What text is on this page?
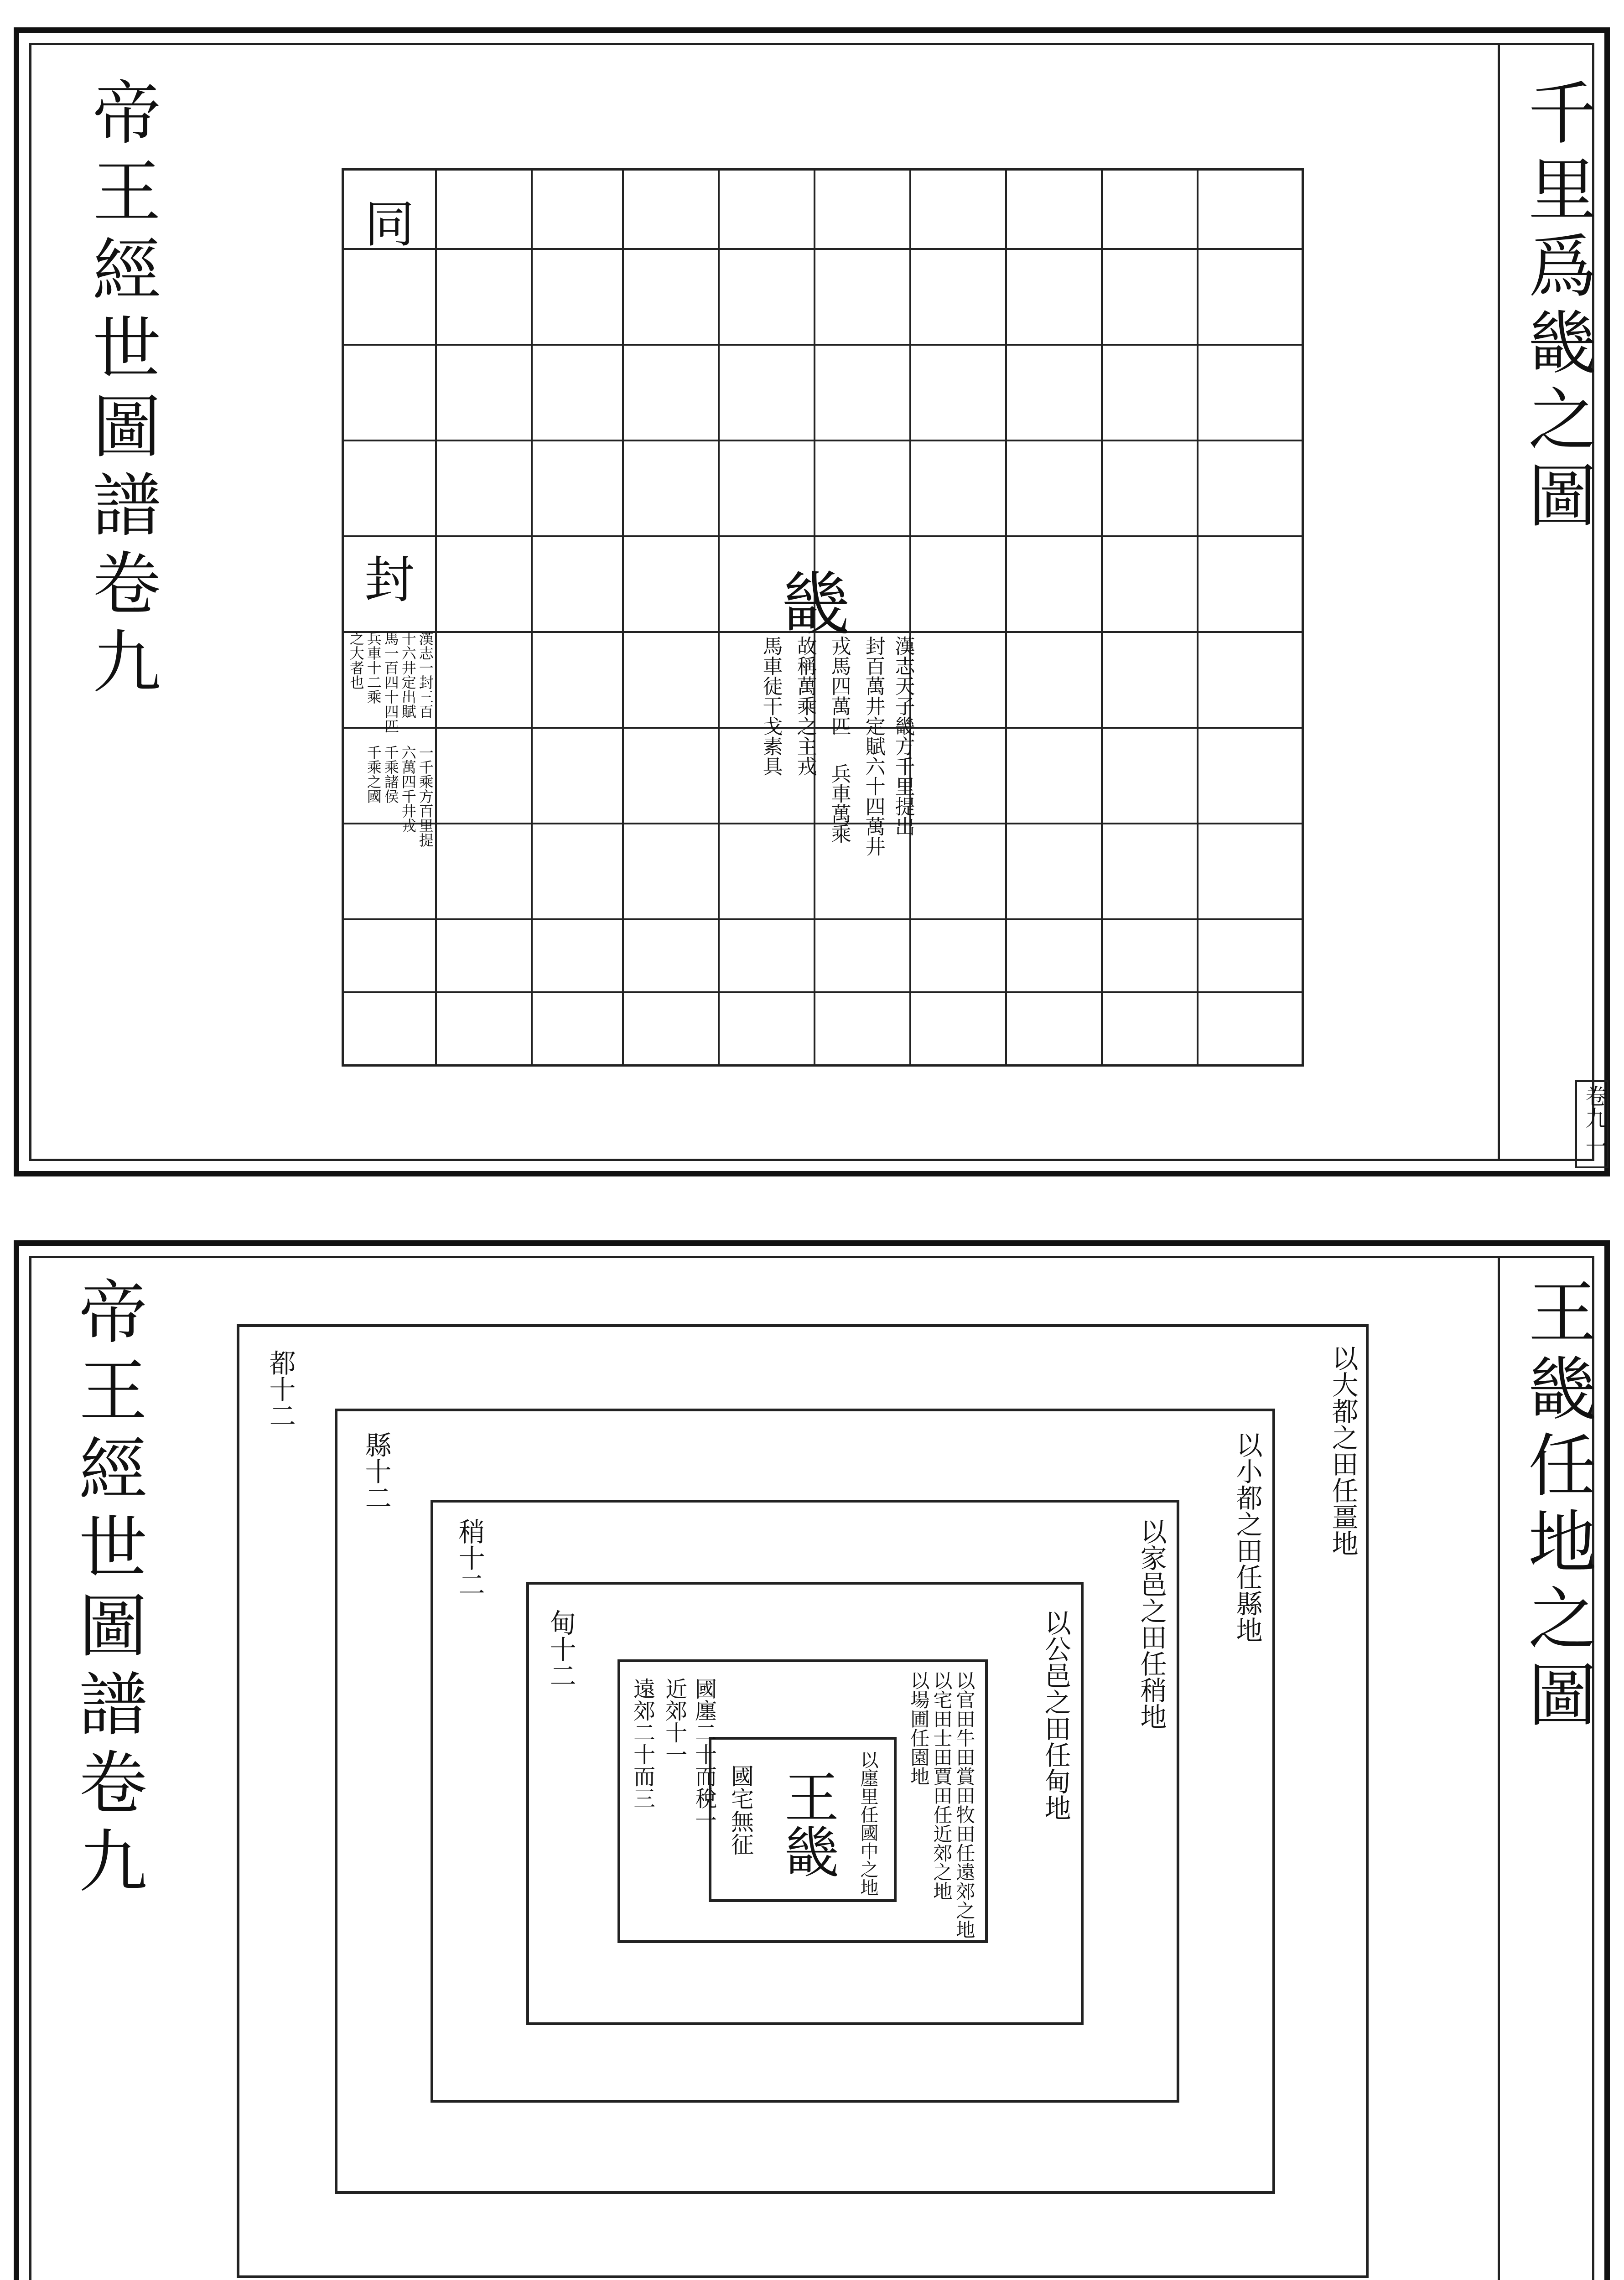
帝王經世圖譜卷九	千里爲畿之圖
卷九
一
同
封	畿
漢志天子畿方千里提出
封百萬井定賦六十四萬井
戎馬四萬匹
兵車萬乘
故稱萬乘之主戎
馬車徒干戈素具
漢志一封三百
十六井定出賦
馬一百四十四匹
兵車十二乘
之大者也
一千乘方百里提
六萬四千井戎
千乘諸侯
千乘之國
帝王經世圖譜卷九	王畿任地之圖
都十二
縣十二
稍十二
甸十二
遠郊二十而三 近郊十一 國廛二十而稅一
以大都之田任畺地
以小都之田任縣地
以家邑之田任稍地
以公邑之田任甸地
以官田牛田賞田牧田任遠郊之地
以宅田士田賈田任近郊之地
以場圃任園地
國宅無征	以廛里任國中之地
王畿
